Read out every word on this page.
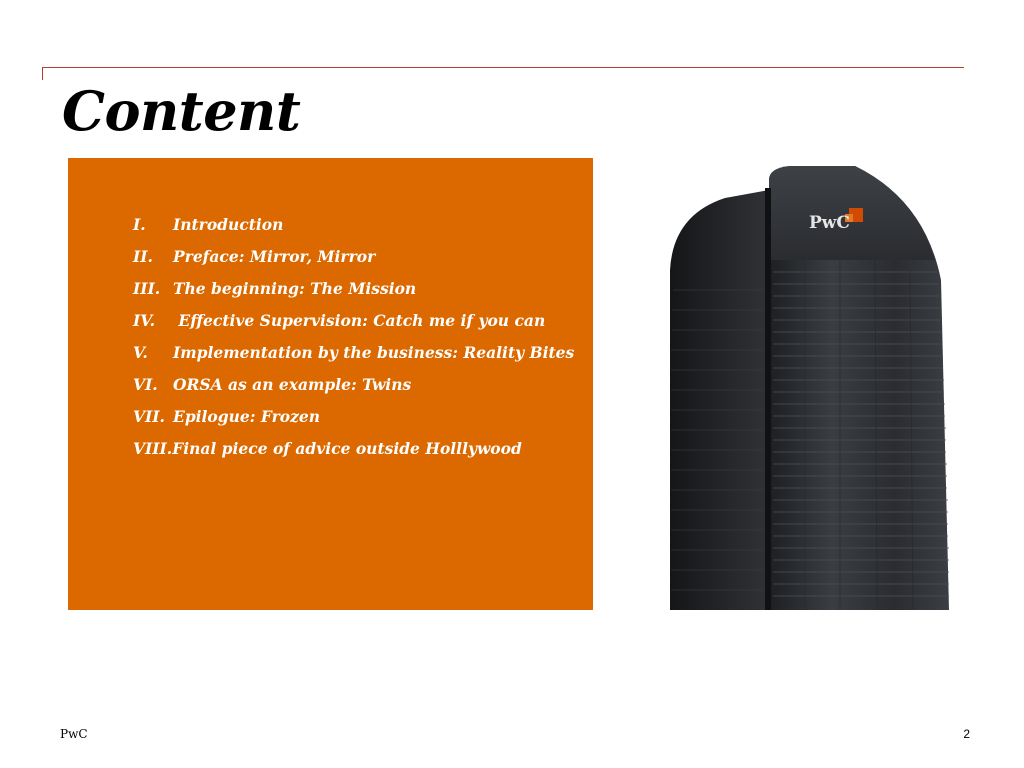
Content
I. Introduction
II. Preface: Mirror, Mirror
III. The beginning: The Mission
IV. Effective Supervision: Catch me if you can
V. Implementation by the business: Reality Bites
VI. ORSA as an example: Twins
VII. Epilogue: Frozen
VIII.Final piece of advice outside Holllywood
PwC
PwC	2
